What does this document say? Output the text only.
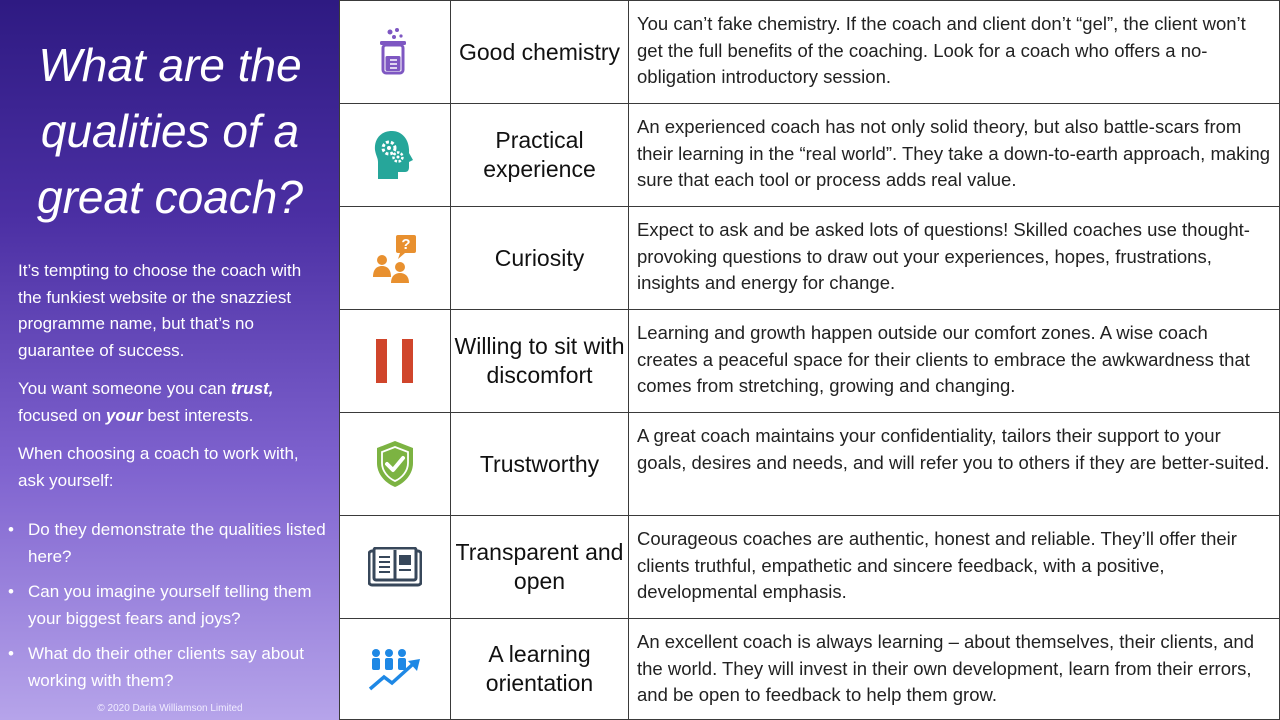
What are the qualities of a great coach?

It’s tempting to choose the coach with the funkiest website or the snazziest programme name, but that’s no guarantee of success.

You want someone you can trust, focused on your best interests.

When choosing a coach to work with, ask yourself:

• Do they demonstrate the qualities listed here?
• Can you imagine yourself telling them your biggest fears and joys?
• What do their other clients say about working with them?
© 2020 Daria Williamson Limited
Good chemistry
You can’t fake chemistry. If the coach and client don’t “gel”, the client won’t get the full benefits of the coaching. Look for a coach who offers a no-obligation introductory session.
Practical experience
An experienced coach has not only solid theory, but also battle-scars from their learning in the “real world”. They take a down-to-earth approach, making sure that each tool or process adds real value.
?	Curiosity
Expect to ask and be asked lots of questions! Skilled coaches use thought-provoking questions to draw out your experiences, hopes, frustrations, insights and energy for change.
Willing to sit with discomfort
Learning and growth happen outside our comfort zones. A wise coach creates a peaceful space for their clients to embrace the awkwardness that comes from stretching, growing and changing.
Trustworthy
A great coach maintains your confidentiality, tailors their support to your goals, desires and needs, and will refer you to others if they are better-suited.
Transparent and open
Courageous coaches are authentic, honest and reliable. They’ll offer their clients truthful, empathetic and sincere feedback, with a positive, developmental emphasis.
A learning orientation
An excellent coach is always learning – about themselves, their clients, and the world. They will invest in their own development, learn from their errors, and be open to feedback to help them grow.
